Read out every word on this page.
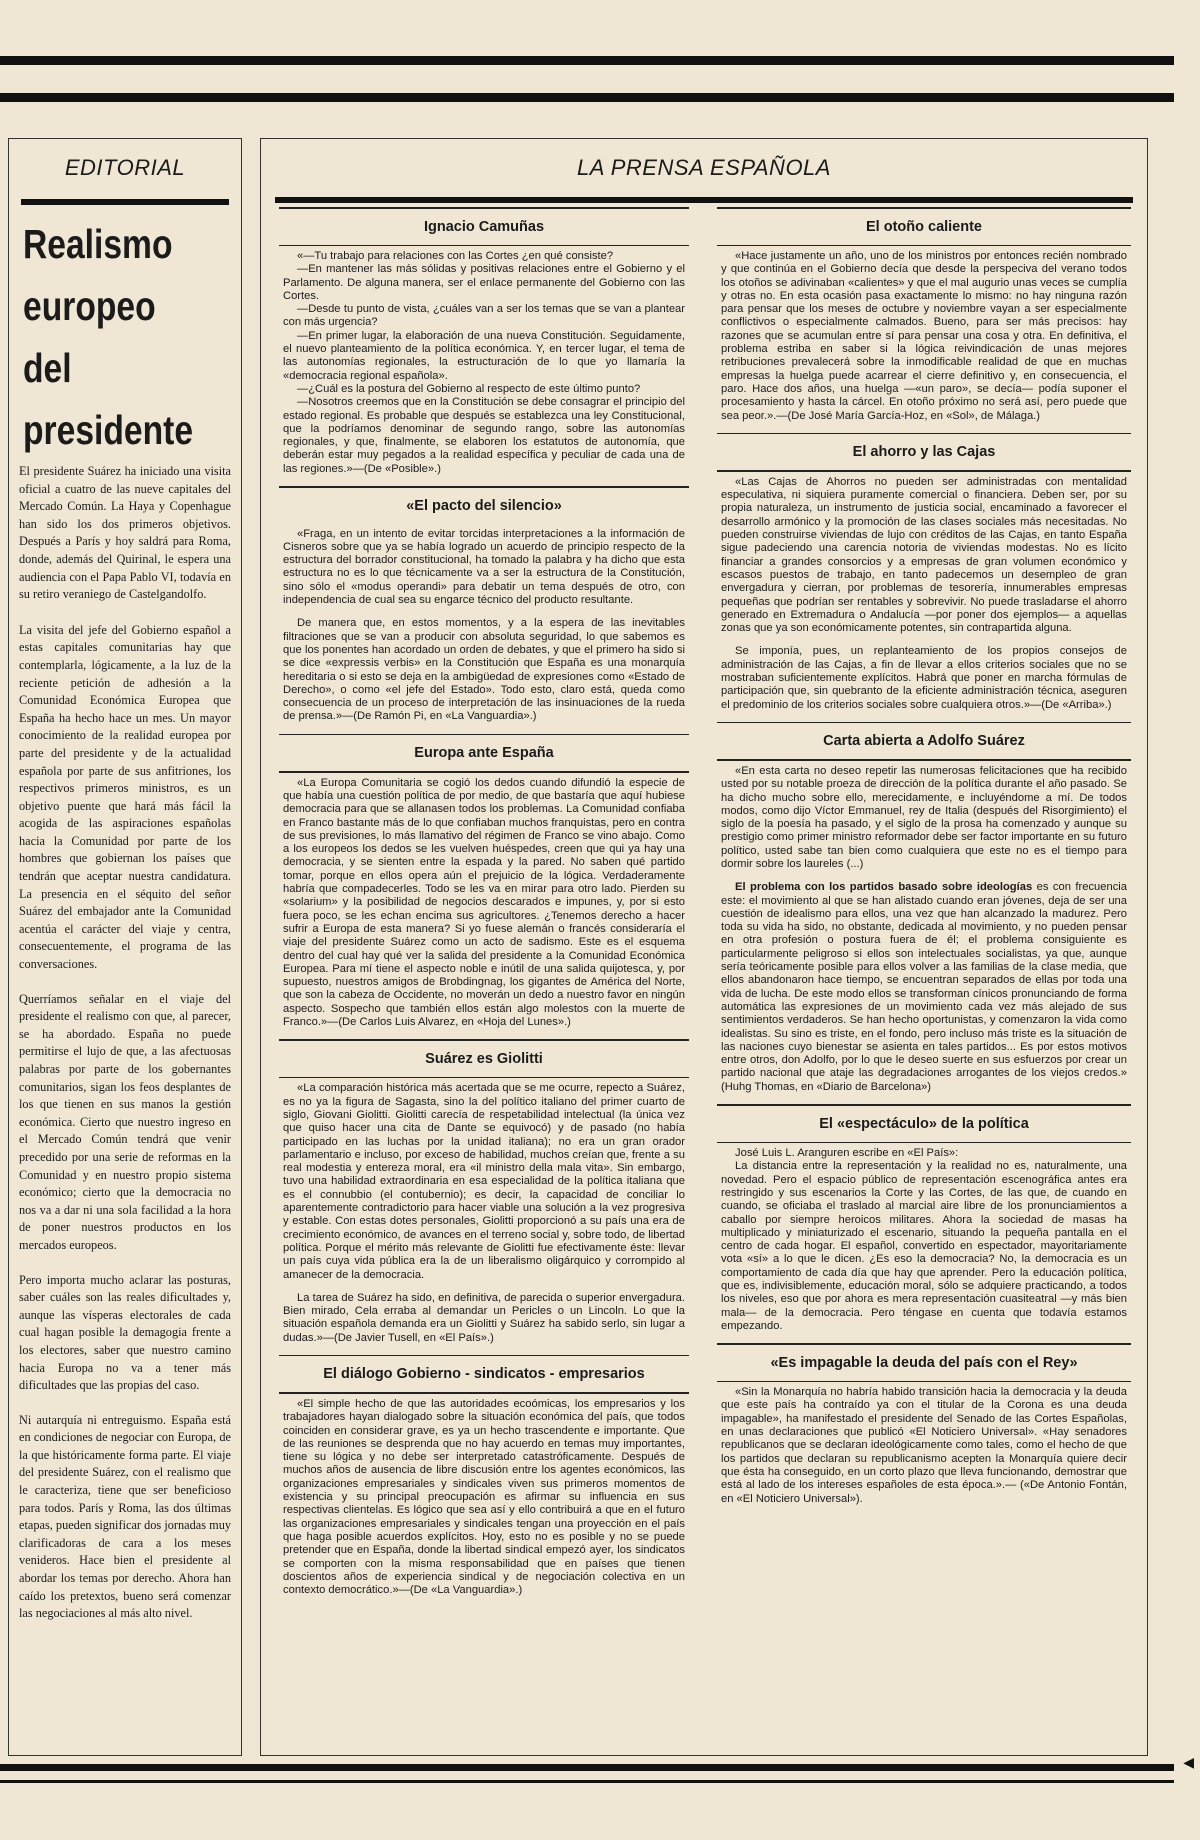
EDITORIAL
Realismo
europeo
del
presidente

El presidente Suárez ha iniciado una visita oficial a cuatro de las nueve capitales del Mercado Común. La Haya y Copenhague han sido los dos primeros objetivos. Después a París y hoy saldrá para Roma, donde, además del Quirinal, le espera una audiencia con el Papa Pablo VI, todavía en su retiro veraniego de Castelgandolfo.

La visita del jefe del Gobierno español a estas capitales comunitarias hay que contemplarla, lógicamente, a la luz de la reciente petición de adhesión a la Comunidad Económica Europea que España ha hecho hace un mes. Un mayor conocimiento de la realidad europea por parte del presidente y de la actualidad española por parte de sus anfitriones, los respectivos primeros ministros, es un objetivo puente que hará más fácil la acogida de las aspiraciones españolas hacia la Comunidad por parte de los hombres que gobiernan los países que tendrán que aceptar nuestra candidatura. La presencia en el séquito del señor Suárez del embajador ante la Comunidad acentúa el carácter del viaje y centra, consecuentemente, el programa de las conversaciones.

Querríamos señalar en el viaje del presidente el realismo con que, al parecer, se ha abordado. España no puede permitirse el lujo de que, a las afectuosas palabras por parte de los gobernantes comunitarios, sigan los feos desplantes de los que tienen en sus manos la gestión económica. Cierto que nuestro ingreso en el Mercado Común tendrá que venir precedido por una serie de reformas en la Comunidad y en nuestro propio sistema económico; cierto que la democracia no nos va a dar ni una sola facilidad a la hora de poner nuestros productos en los mercados europeos.

Pero importa mucho aclarar las posturas, saber cuáles son las reales dificultades y, aunque las vísperas electorales de cada cual hagan posible la demagogia frente a los electores, saber que nuestro camino hacia Europa no va a tener más dificultades que las propias del caso.

Ni autarquía ni entreguismo. España está en condiciones de negociar con Europa, de la que históricamente forma parte. El viaje del presidente Suárez, con el realismo que le caracteriza, tiene que ser beneficioso para todos. París y Roma, las dos últimas etapas, pueden significar dos jornadas muy clarificadoras de cara a los meses venideros. Hace bien el presidente al abordar los temas por derecho. Ahora han caído los pretextos, bueno será comenzar las negociaciones al más alto nivel.

LA PRENSA ESPAÑOLA
Ignacio Camuñas

«—Tu trabajo para relaciones con las Cortes ¿en qué consiste?

—En mantener las más sólidas y positivas relaciones entre el Gobierno y el Parlamento. De alguna manera, ser el enlace permanente del Gobierno con las Cortes.

—Desde tu punto de vista, ¿cuáles van a ser los temas que se van a plantear con más urgencia?

—En primer lugar, la elaboración de una nueva Constitución. Seguidamente, el nuevo planteamiento de la política económica. Y, en tercer lugar, el tema de las autonomías regionales, la estructuración de lo que yo llamaría la «democracia regional española».

—¿Cuál es la postura del Gobierno al respecto de este último punto?

—Nosotros creemos que en la Constitución se debe consagrar el principio del estado regional. Es probable que después se establezca una ley Constitucional, que la podríamos denominar de segundo rango, sobre las autonomías regionales, y que, finalmente, se elaboren los estatutos de autonomía, que deberán estar muy pegados a la realidad específica y peculiar de cada una de las regiones.»—(De «Posible».)

«El pacto del silencio»

«Fraga, en un intento de evitar torcidas interpretaciones a la información de Cisneros sobre que ya se había logrado un acuerdo de principio respecto de la estructura del borrador constitucional, ha tomado la palabra y ha dicho que esta estructura no es lo que técnicamente va a ser la estructura de la Constitución, sino sólo el «modus operandi» para debatir un tema después de otro, con independencia de cual sea su engarce técnico del producto resultante.

De manera que, en estos momentos, y a la espera de las inevitables filtraciones que se van a producir con absoluta seguridad, lo que sabemos es que los ponentes han acordado un orden de debates, y que el primero ha sido si se dice «expressis verbis» en la Constitución que España es una monarquía hereditaria o si esto se deja en la ambigüedad de expresiones como «Estado de Derecho», o como «el jefe del Estado». Todo esto, claro está, queda como consecuencia de un proceso de interpretación de las insinuaciones de la rueda de prensa.»—(De Ramón Pi, en «La Vanguardia».)

Europa ante España

«La Europa Comunitaria se cogió los dedos cuando difundió la especie de que había una cuestión política de por medio, de que bastaría que aquí hubiese democracia para que se allanasen todos los problemas. La Comunidad confiaba en Franco bastante más de lo que confiaban muchos franquistas, pero en contra de sus previsiones, lo más llamativo del régimen de Franco se vino abajo. Como a los europeos los dedos se les vuelven huéspedes, creen que qui ya hay una democracia, y se sienten entre la espada y la pared. No saben qué partido tomar, porque en ellos opera aún el prejuicio de la lógica. Verdaderamente habría que compadecerles. Todo se les va en mirar para otro lado. Pierden su «solarium» y la posibilidad de negocios descarados e impunes, y, por si esto fuera poco, se les echan encima sus agricultores. ¿Tenemos derecho a hacer sufrir a Europa de esta manera? Si yo fuese alemán o francés consideraría el viaje del presidente Suárez como un acto de sadismo. Este es el esquema dentro del cual hay qué ver la salida del presidente a la Comunidad Económica Europea. Para mí tiene el aspecto noble e inútil de una salida quijotesca, y, por supuesto, nuestros amigos de Brobdingnag, los gigantes de América del Norte, que son la cabeza de Occidente, no moverán un dedo a nuestro favor en ningún aspecto. Sospecho que también ellos están algo molestos con la muerte de Franco.»—(De Carlos Luis Alvarez, en «Hoja del Lunes».)

Suárez es Giolitti

«La comparación histórica más acertada que se me ocurre, repecto a Suárez, es no ya la figura de Sagasta, sino la del político italiano del primer cuarto de siglo, Giovani Giolitti. Giolitti carecía de respetabilidad intelectual (la única vez que quiso hacer una cita de Dante se equivocó) y de pasado (no había participado en las luchas por la unidad italiana); no era un gran orador parlamentario e incluso, por exceso de habilidad, muchos creían que, frente a su real modestia y entereza moral, era «il ministro della mala vita». Sin embargo, tuvo una habilidad extraordinaria en esa especialidad de la política italiana que es el connubbio (el contubernio); es decir, la capacidad de conciliar lo aparentemente contradictorio para hacer viable una solución a la vez progresiva y estable. Con estas dotes personales, Giolitti proporcionó a su país una era de crecimiento económico, de avances en el terreno social y, sobre todo, de libertad política. Porque el mérito más relevante de Giolitti fue efectivamente éste: llevar un país cuya vida pública era la de un liberalismo oligárquico y corrompido al amanecer de la democracia.

La tarea de Suárez ha sido, en definitiva, de parecida o superior envergadura. Bien mirado, Cela erraba al demandar un Pericles o un Lincoln. Lo que la situación española demanda era un Giolitti y Suárez ha sabido serlo, sin lugar a dudas.»—(De Javier Tusell, en «El País».)

El diálogo Gobierno - sindicatos - empresarios

«El simple hecho de que las autoridades ecoómicas, los empresarios y los trabajadores hayan dialogado sobre la situación económica del país, que todos coinciden en considerar grave, es ya un hecho trascendente e importante. Que de las reuniones se desprenda que no hay acuerdo en temas muy importantes, tiene su lógica y no debe ser interpretado catastróficamente. Después de muchos años de ausencia de libre discusión entre los agentes económicos, las organizaciones empresariales y sindicales viven sus primeros momentos de existencia y su principal preocupación es afirmar su influencia en sus respectivas clientelas. Es lógico que sea así y ello contribuirá a que en el futuro las organizaciones empresariales y sindicales tengan una proyección en el país que haga posible acuerdos explícitos. Hoy, esto no es posible y no se puede pretender que en España, donde la libertad sindical empezó ayer, los sindicatos se comporten con la misma responsabilidad que en países que tienen doscientos años de experiencia sindical y de negociación colectiva en un contexto democrático.»—(De «La Vanguardia».)

El otoño caliente

«Hace justamente un año, uno de los ministros por entonces recién nombrado y que continúa en el Gobierno decía que desde la perspeciva del verano todos los otoños se adivinaban «calientes» y que el mal augurio unas veces se cumplía y otras no. En esta ocasión pasa exactamente lo mismo: no hay ninguna razón para pensar que los meses de octubre y noviembre vayan a ser especialmente conflictivos o especialmente calmados. Bueno, para ser más precisos: hay razones que se acumulan entre sí para pensar una cosa y otra. En definitiva, el problema estriba en saber si la lógica reivindicación de unas mejores retribuciones prevalecerá sobre la inmodificable realidad de que en muchas empresas la huelga puede acarrear el cierre definitivo y, en consecuencia, el paro. Hace dos años, una huelga —«un paro», se decía— podía suponer el procesamiento y hasta la cárcel. En otoño próximo no será así, pero puede que sea peor.».—(De José María García-Hoz, en «Sol», de Málaga.)

El ahorro y las Cajas

«Las Cajas de Ahorros no pueden ser administradas con mentalidad especulativa, ni siquiera puramente comercial o financiera. Deben ser, por su propia naturaleza, un instrumento de justicia social, encaminado a favorecer el desarrollo armónico y la promoción de las clases sociales más necesitadas. No pueden construirse viviendas de lujo con créditos de las Cajas, en tanto España sigue padeciendo una carencia notoria de viviendas modestas. No es lícito financiar a grandes consorcios y a empresas de gran volumen económico y escasos puestos de trabajo, en tanto padecemos un desempleo de gran envergadura y cierran, por problemas de tesorería, innumerables empresas pequeñas que podrían ser rentables y sobrevivir. No puede trasladarse el ahorro generado en Extremadura o Andalucía —por poner dos ejemplos— a aquellas zonas que ya son económicamente potentes, sin contrapartida alguna.

Se imponía, pues, un replanteamiento de los propios consejos de administración de las Cajas, a fin de llevar a ellos criterios sociales que no se mostraban suficientemente explícitos. Habrá que poner en marcha fórmulas de participación que, sin quebranto de la eficiente administración técnica, aseguren el predominio de los criterios sociales sobre cualquiera otros.»—(De «Arriba».)

Carta abierta a Adolfo Suárez

«En esta carta no deseo repetir las numerosas felicitaciones que ha recibido usted por su notable proeza de dirección de la política durante el año pasado. Se ha dicho mucho sobre ello, merecidamente, e incluyéndome a mí. De todos modos, como dijo Víctor Emmanuel, rey de Italia (después del Risorgimiento) el siglo de la poesía ha pasado, y el siglo de la prosa ha comenzado y aunque su prestigio como primer ministro reformador debe ser factor importante en su futuro político, usted sabe tan bien como cualquiera que este no es el tiempo para dormir sobre los laureles (...)

El problema con los partidos basado sobre ideologías es con frecuencia este: el movimiento al que se han alistado cuando eran jóvenes, deja de ser una cuestión de idealismo para ellos, una vez que han alcanzado la madurez. Pero toda su vida ha sido, no obstante, dedicada al movimiento, y no pueden pensar en otra profesión o postura fuera de él; el problema consiguiente es particularmente peligroso si ellos son intelectuales socialistas, ya que, aunque sería teóricamente posible para ellos volver a las familias de la clase media, que ellos abandonaron hace tiempo, se encuentran separados de ellas por toda una vida de lucha. De este modo ellos se transforman cínicos pronunciando de forma automática las expresiones de un movimiento cada vez más alejado de sus sentimientos verdaderos. Se han hecho oportunistas, y comenzaron la vida como idealistas. Su sino es triste, en el fondo, pero incluso más triste es la situación de las naciones cuyo bienestar se asienta en tales partidos... Es por estos motivos entre otros, don Adolfo, por lo que le deseo suerte en sus esfuerzos por crear un partido nacional que ataje las degradaciones arrogantes de los viejos credos.» (Huhg Thomas, en «Diario de Barcelona»)

El «espectáculo» de la política

José Luis L. Aranguren escribe en «El País»:

La distancia entre la representación y la realidad no es, naturalmente, una novedad. Pero el espacio público de representación escenográfica antes era restringido y sus escenarios la Corte y las Cortes, de las que, de cuando en cuando, se oficiaba el traslado al marcial aire libre de los pronunciamientos a caballo por siempre heroicos militares. Ahora la sociedad de masas ha multiplicado y miniaturizado el escenario, situando la pequeña pantalla en el centro de cada hogar. El español, convertido en espectador, mayoritariamente vota «sí» a lo que le dicen. ¿Es eso la democracia? No, la democracia es un comportamiento de cada día que hay que aprender. Pero la educación política, que es, indivisiblemente, educación moral, sólo se adquiere practicando, a todos los niveles, eso que por ahora es mera representación cuasiteatral —y más bien mala— de la democracia. Pero téngase en cuenta que todavía estamos empezando.

«Es impagable la deuda del país con el Rey»

«Sin la Monarquía no habría habido transición hacia la democracia y la deuda que este país ha contraído ya con el titular de la Corona es una deuda impagable», ha manifestado el presidente del Senado de las Cortes Españolas, en unas declaraciones que publicó «El Noticiero Universal». «Hay senadores republicanos que se declaran ideológicamente como tales, como el hecho de que los partidos que declaran su republicanismo acepten la Monarquía quiere decir que ésta ha conseguido, en un corto plazo que lleva funcionando, demostrar que está al lado de los intereses españoles de esta época.».— («De Antonio Fontán, en «El Noticiero Universal»).

◀
